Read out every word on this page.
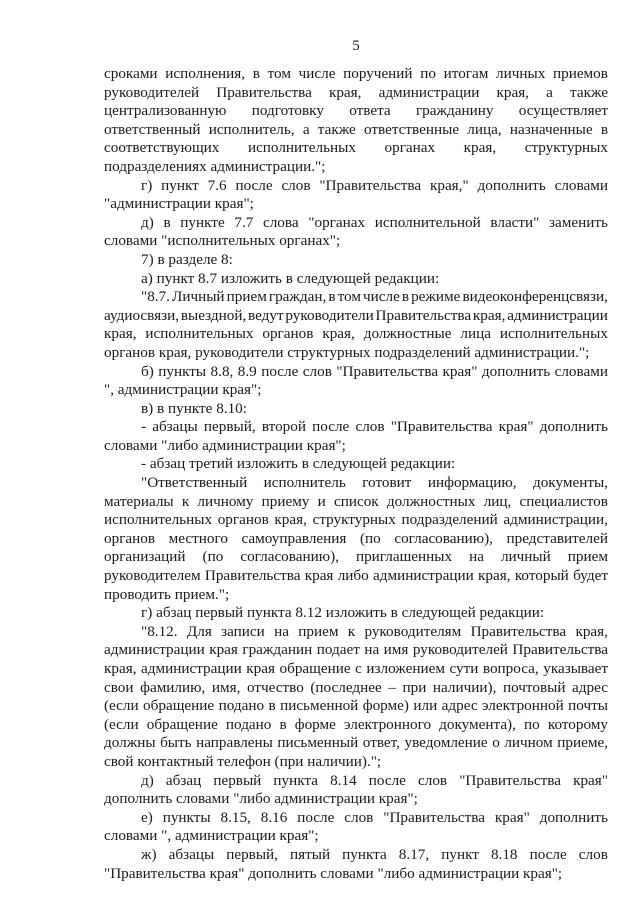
5
сроками исполнения, в том числе поручений по итогам личных приемов
руководителей Правительства края, администрации края, а также
централизованную подготовку ответа гражданину осуществляет
ответственный исполнитель, а также ответственные лица, назначенные в
соответствующих исполнительных органах края, структурных
подразделениях администрации.";
г) пункт 7.6 после слов "Правительства края," дополнить словами
"администрации края";
д) в пункте 7.7 слова "органах исполнительной власти" заменить
словами "исполнительных органах";
7) в разделе 8:
а) пункт 8.7 изложить в следующей редакции:
"8.7. Личный прием граждан, в том числе в режиме видеоконференцсвязи,
аудиосвязи, выездной, ведут руководители Правительства края, администрации
края, исполнительных органов края, должностные лица исполнительных
органов края, руководители структурных подразделений администрации.";
б) пункты 8.8, 8.9 после слов "Правительства края" дополнить словами
", администрации края";
в) в пункте 8.10:
- абзацы первый, второй после слов "Правительства края" дополнить
словами "либо администрации края";
- абзац третий изложить в следующей редакции:
"Ответственный исполнитель готовит информацию, документы,
материалы к личному приему и список должностных лиц, специалистов
исполнительных органов края, структурных подразделений администрации,
органов местного самоуправления (по согласованию), представителей
организаций (по согласованию), приглашенных на личный прием
руководителем Правительства края либо администрации края, который будет
проводить прием.";
г) абзац первый пункта 8.12 изложить в следующей редакции:
"8.12. Для записи на прием к руководителям Правительства края,
администрации края гражданин подает на имя руководителей Правительства
края, администрации края обращение с изложением сути вопроса, указывает
свои фамилию, имя, отчество (последнее – при наличии), почтовый адрес
(если обращение подано в письменной форме) или адрес электронной почты
(если обращение подано в форме электронного документа), по которому
должны быть направлены письменный ответ, уведомление о личном приеме,
свой контактный телефон (при наличии).";
д) абзац первый пункта 8.14 после слов "Правительства края"
дополнить словами "либо администрации края";
е) пункты 8.15, 8.16 после слов "Правительства края" дополнить
словами ", администрации края";
ж) абзацы первый, пятый пункта 8.17, пункт 8.18 после слов
"Правительства края" дополнить словами "либо администрации края";
